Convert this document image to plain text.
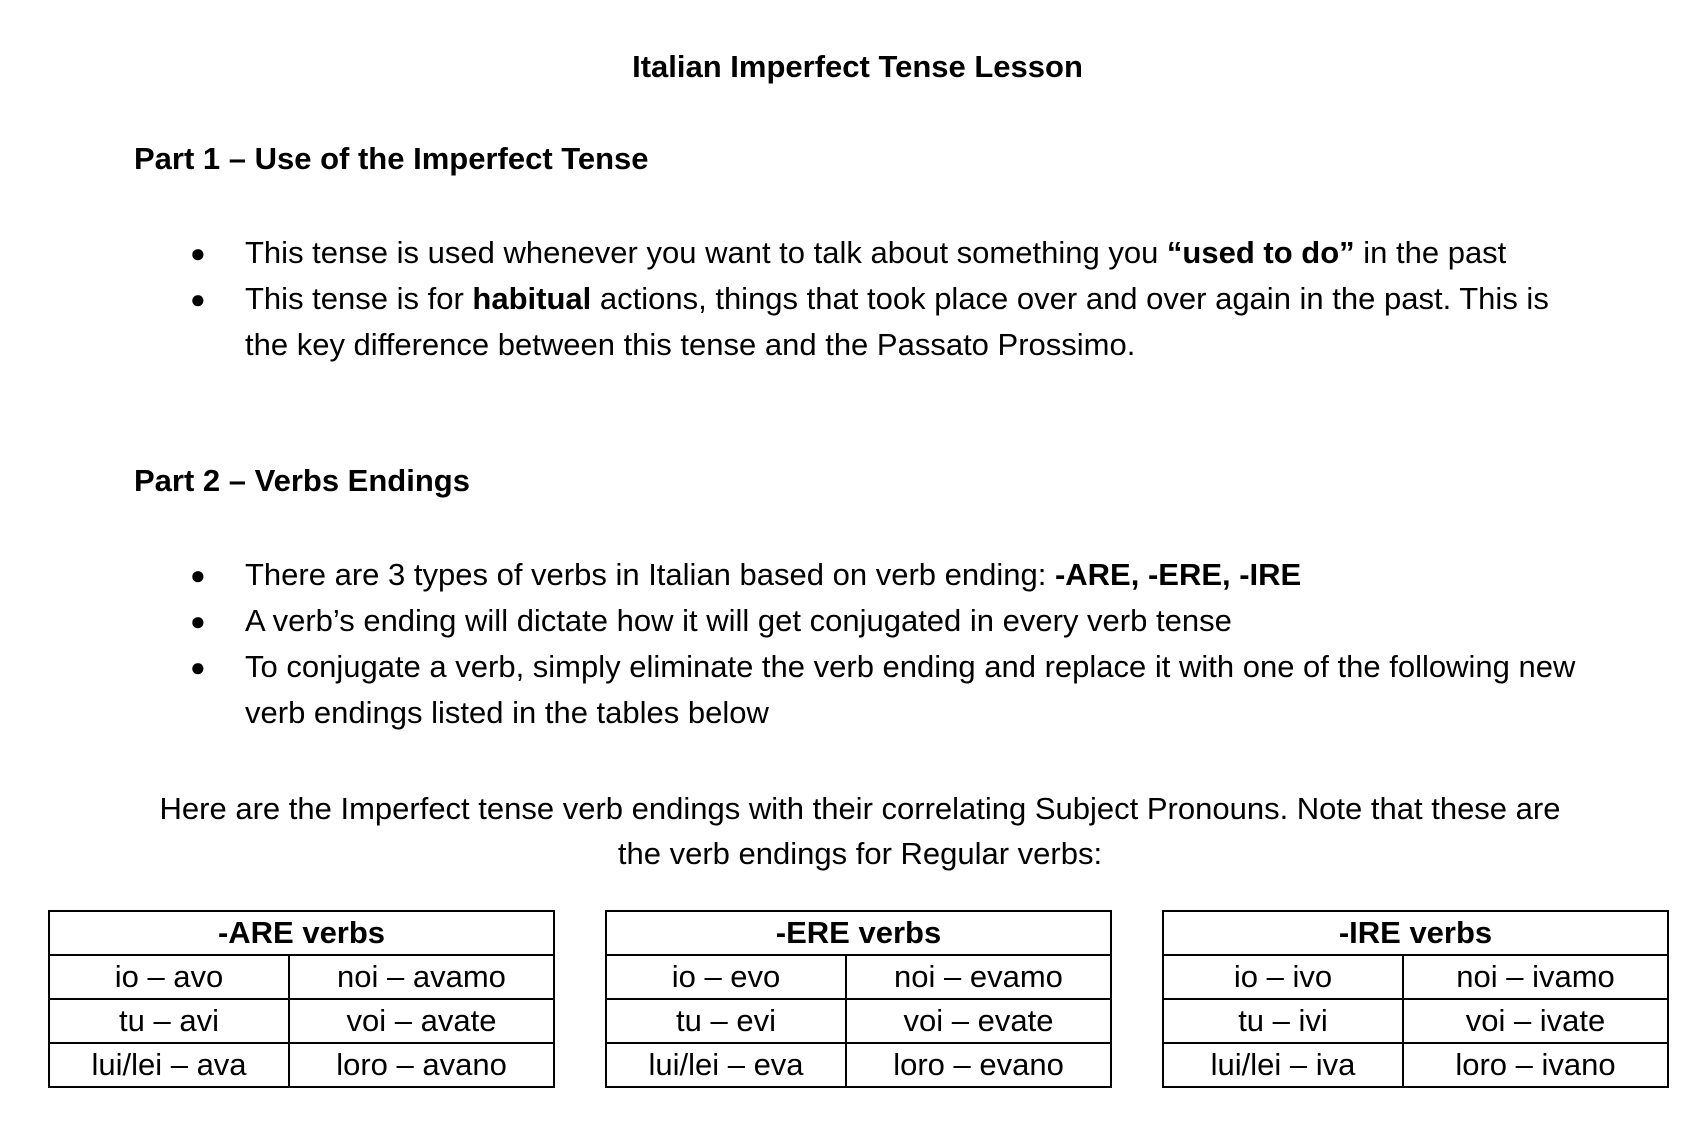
Italian Imperfect Tense Lesson
Part 1 – Use of the Imperfect Tense
● This tense is used whenever you want to talk about something you “used to do” in the past
● This tense is for habitual actions, things that took place over and over again in the past. This is the key difference between this tense and the Passato Prossimo.
Part 2 – Verbs Endings
● There are 3 types of verbs in Italian based on verb ending: -ARE, -ERE, -IRE
● A verb’s ending will dictate how it will get conjugated in every verb tense
● To conjugate a verb, simply eliminate the verb ending and replace it with one of the following new verb endings listed in the tables below

Here are the Imperfect tense verb endings with their correlating Subject Pronouns. Note that these are the verb endings for Regular verbs:

-ARE verbs	
io – avo	noi – avamo
tu – avi	voi – avate
lui/lei – ava	loro – avano
-ERE verbs	
io – evo	noi – evamo
tu – evi	voi – evate
lui/lei – eva	loro – evano
-IRE verbs	
io – ivo	noi – ivamo
tu – ivi	voi – ivate
lui/lei – iva	loro – ivano
